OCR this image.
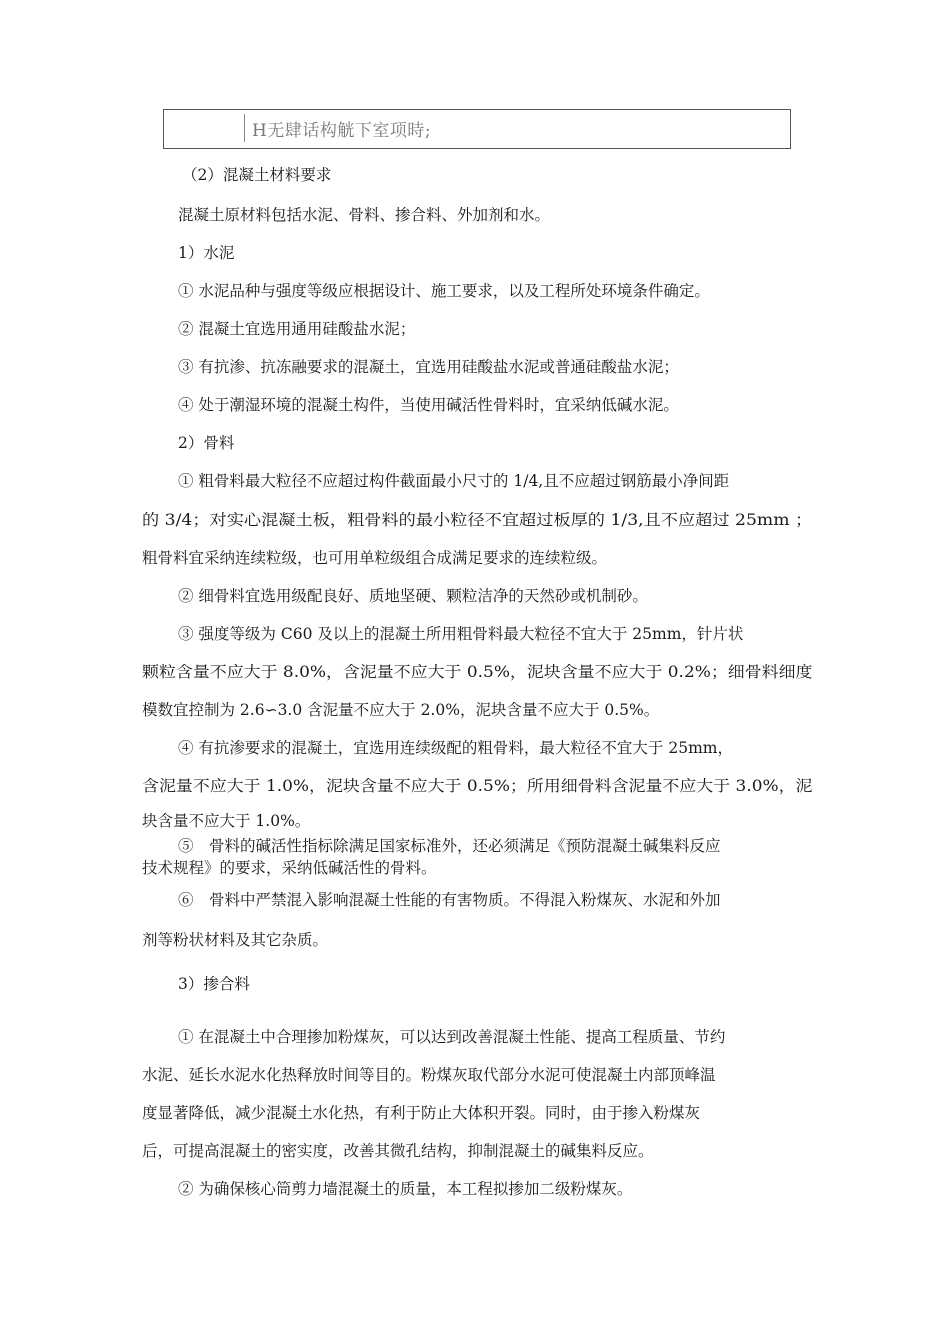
H无肆话构觥下室项時;
（2）混凝土材料要求
混凝土原材料包括水泥、骨料、掺合料、外加剂和水。
1）水泥
① 水泥品种与强度等级应根据设计、施工要求，以及工程所处环境条件确定。
② 混凝土宜选用通用硅酸盐水泥；
③ 有抗渗、抗冻融要求的混凝土，宜选用硅酸盐水泥或普通硅酸盐水泥；
④ 处于潮湿环境的混凝土构件，当使用碱活性骨料时，宜采纳低碱水泥。
2）骨料
① 粗骨料最大粒径不应超过构件截面最小尺寸的 1/4,且不应超过钢筋最小净间距
的 3/4；对实心混凝土板，粗骨料的最小粒径不宜超过板厚的 1/3,且不应超过 25mm ；
粗骨料宜采纳连续粒级，也可用单粒级组合成满足要求的连续粒级。
② 细骨料宜选用级配良好、质地坚硬、颗粒洁净的天然砂或机制砂。
③ 强度等级为 C60 及以上的混凝土所用粗骨料最大粒径不宜大于 25mm，针片状
颗粒含量不应大于 8.0%，含泥量不应大于 0.5%，泥块含量不应大于 0.2%；细骨料细度
模数宜控制为 2.6∽3.0 含泥量不应大于 2.0%，泥块含量不应大于 0.5%。
④ 有抗渗要求的混凝土，宜选用连续级配的粗骨料，最大粒径不宜大于 25mm，
含泥量不应大于 1.0%，泥块含量不应大于 0.5%；所用细骨料含泥量不应大于 3.0%，泥
块含量不应大于 1.0%。
⑤　骨料的碱活性指标除满足国家标准外，还必须满足《预防混凝土碱集料反应
技术规程》的要求，采纳低碱活性的骨料。
⑥　骨料中严禁混入影响混凝土性能的有害物质。不得混入粉煤灰、水泥和外加
剂等粉状材料及其它杂质。
3）掺合料
① 在混凝土中合理掺加粉煤灰，可以达到改善混凝土性能、提高工程质量、节约
水泥、延长水泥水化热释放时间等目的。粉煤灰取代部分水泥可使混凝土内部顶峰温
度显著降低，减少混凝土水化热，有利于防止大体积开裂。同时，由于掺入粉煤灰
后，可提高混凝土的密实度，改善其微孔结构，抑制混凝土的碱集料反应。
② 为确保核心筒剪力墙混凝土的质量，本工程拟掺加二级粉煤灰。
